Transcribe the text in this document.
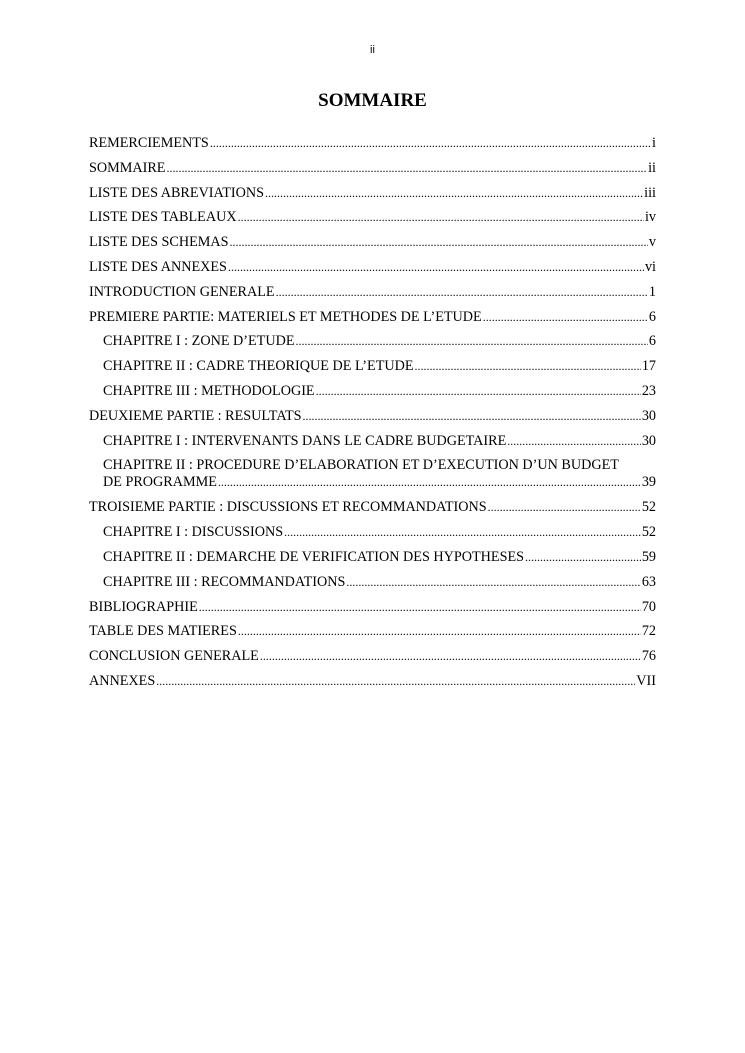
ii
SOMMAIRE
REMERCIEMENTS .....	i
SOMMAIRE .....	ii
LISTE DES ABREVIATIONS .....	iii
LISTE DES TABLEAUX .....	iv
LISTE DES SCHEMAS .....	v
LISTE DES ANNEXES .....	vi
INTRODUCTION GENERALE .....	1
PREMIERE PARTIE: MATERIELS ET METHODES DE L’ETUDE .....	6
CHAPITRE I : ZONE D’ETUDE .....	6
CHAPITRE II : CADRE THEORIQUE DE L’ETUDE .....	17
CHAPITRE III : METHODOLOGIE .....	23
DEUXIEME PARTIE : RESULTATS .....	30
CHAPITRE I : INTERVENANTS DANS LE CADRE BUDGETAIRE .....	30
CHAPITRE II : PROCEDURE D’ELABORATION ET D’EXECUTION D’UN BUDGET
DE PROGRAMME .....	39
TROISIEME PARTIE : DISCUSSIONS ET RECOMMANDATIONS .....	52
CHAPITRE I : DISCUSSIONS .....	52
CHAPITRE II : DEMARCHE DE VERIFICATION DES HYPOTHESES .....	59
CHAPITRE III : RECOMMANDATIONS .....	63
BIBLIOGRAPHIE .....	70
TABLE DES MATIERES .....	72
CONCLUSION GENERALE .....	76
ANNEXES .....	VII
